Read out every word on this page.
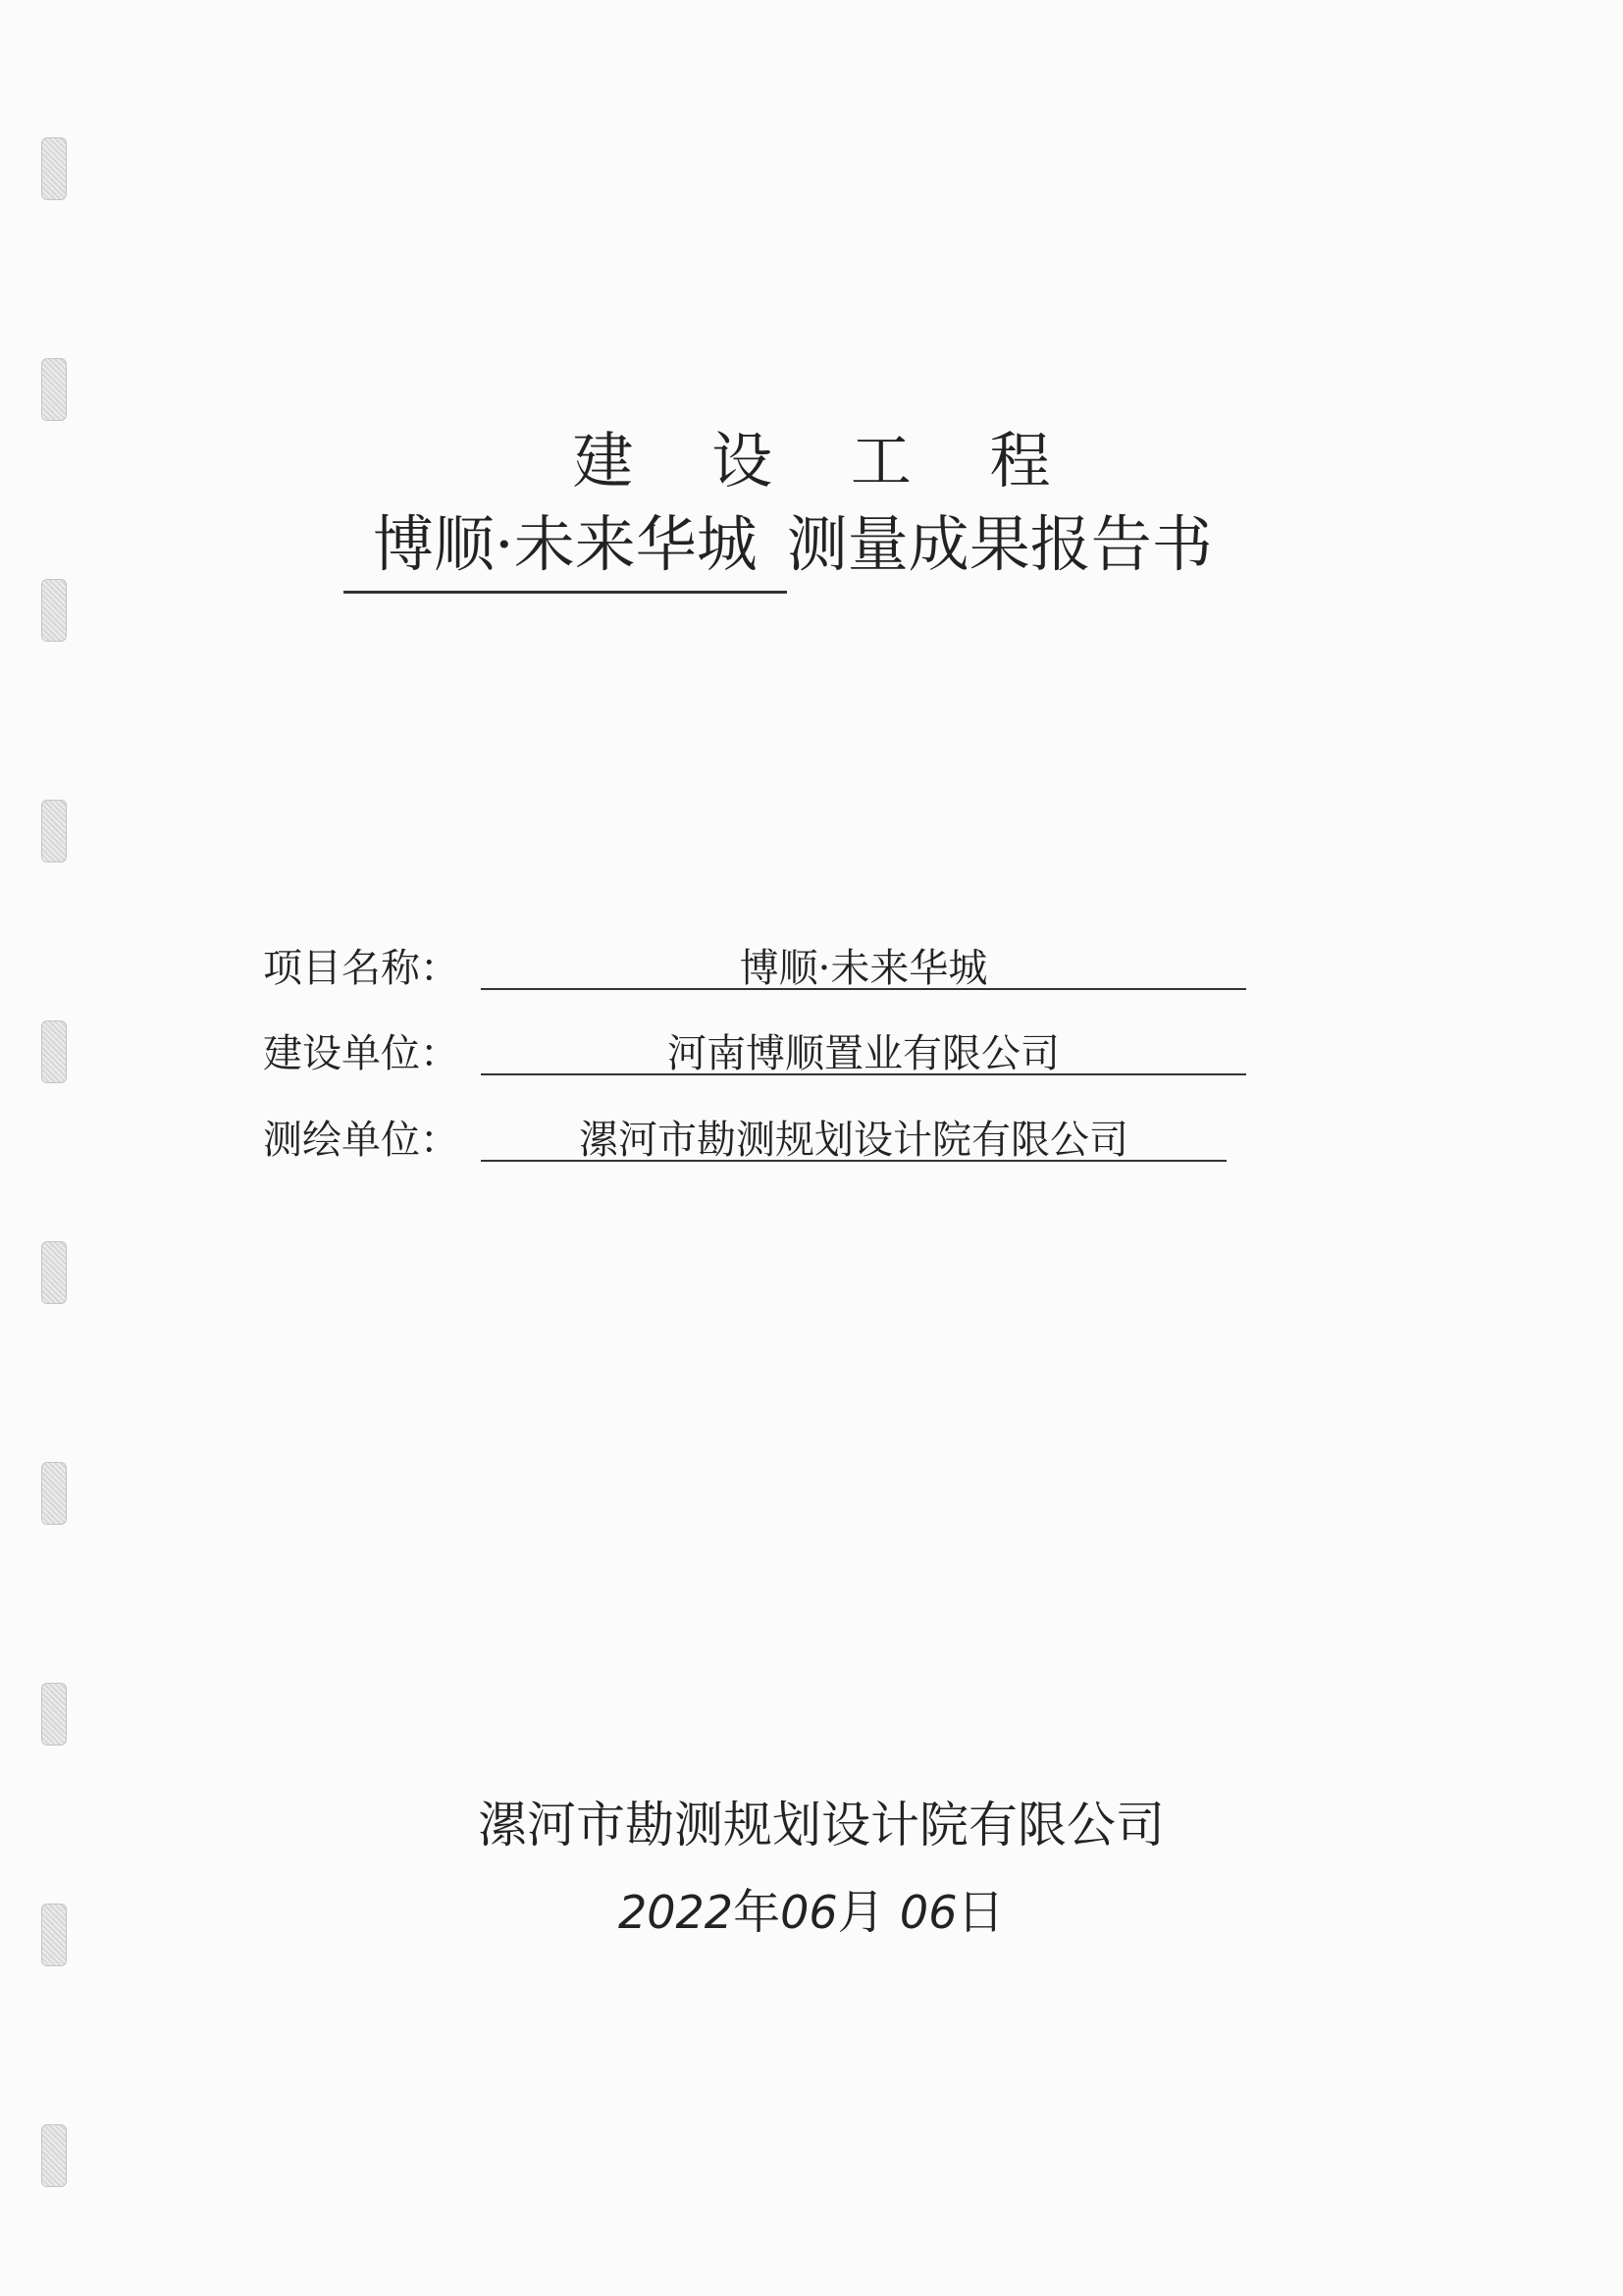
建 设 工 程
博顺·未来华城 测量成果报告书
项目名称：	博顺·未来华城
建设单位：	河南博顺置业有限公司
测绘单位：	漯河市勘测规划设计院有限公司
漯河市勘测规划设计院有限公司
2022年06月 06日
